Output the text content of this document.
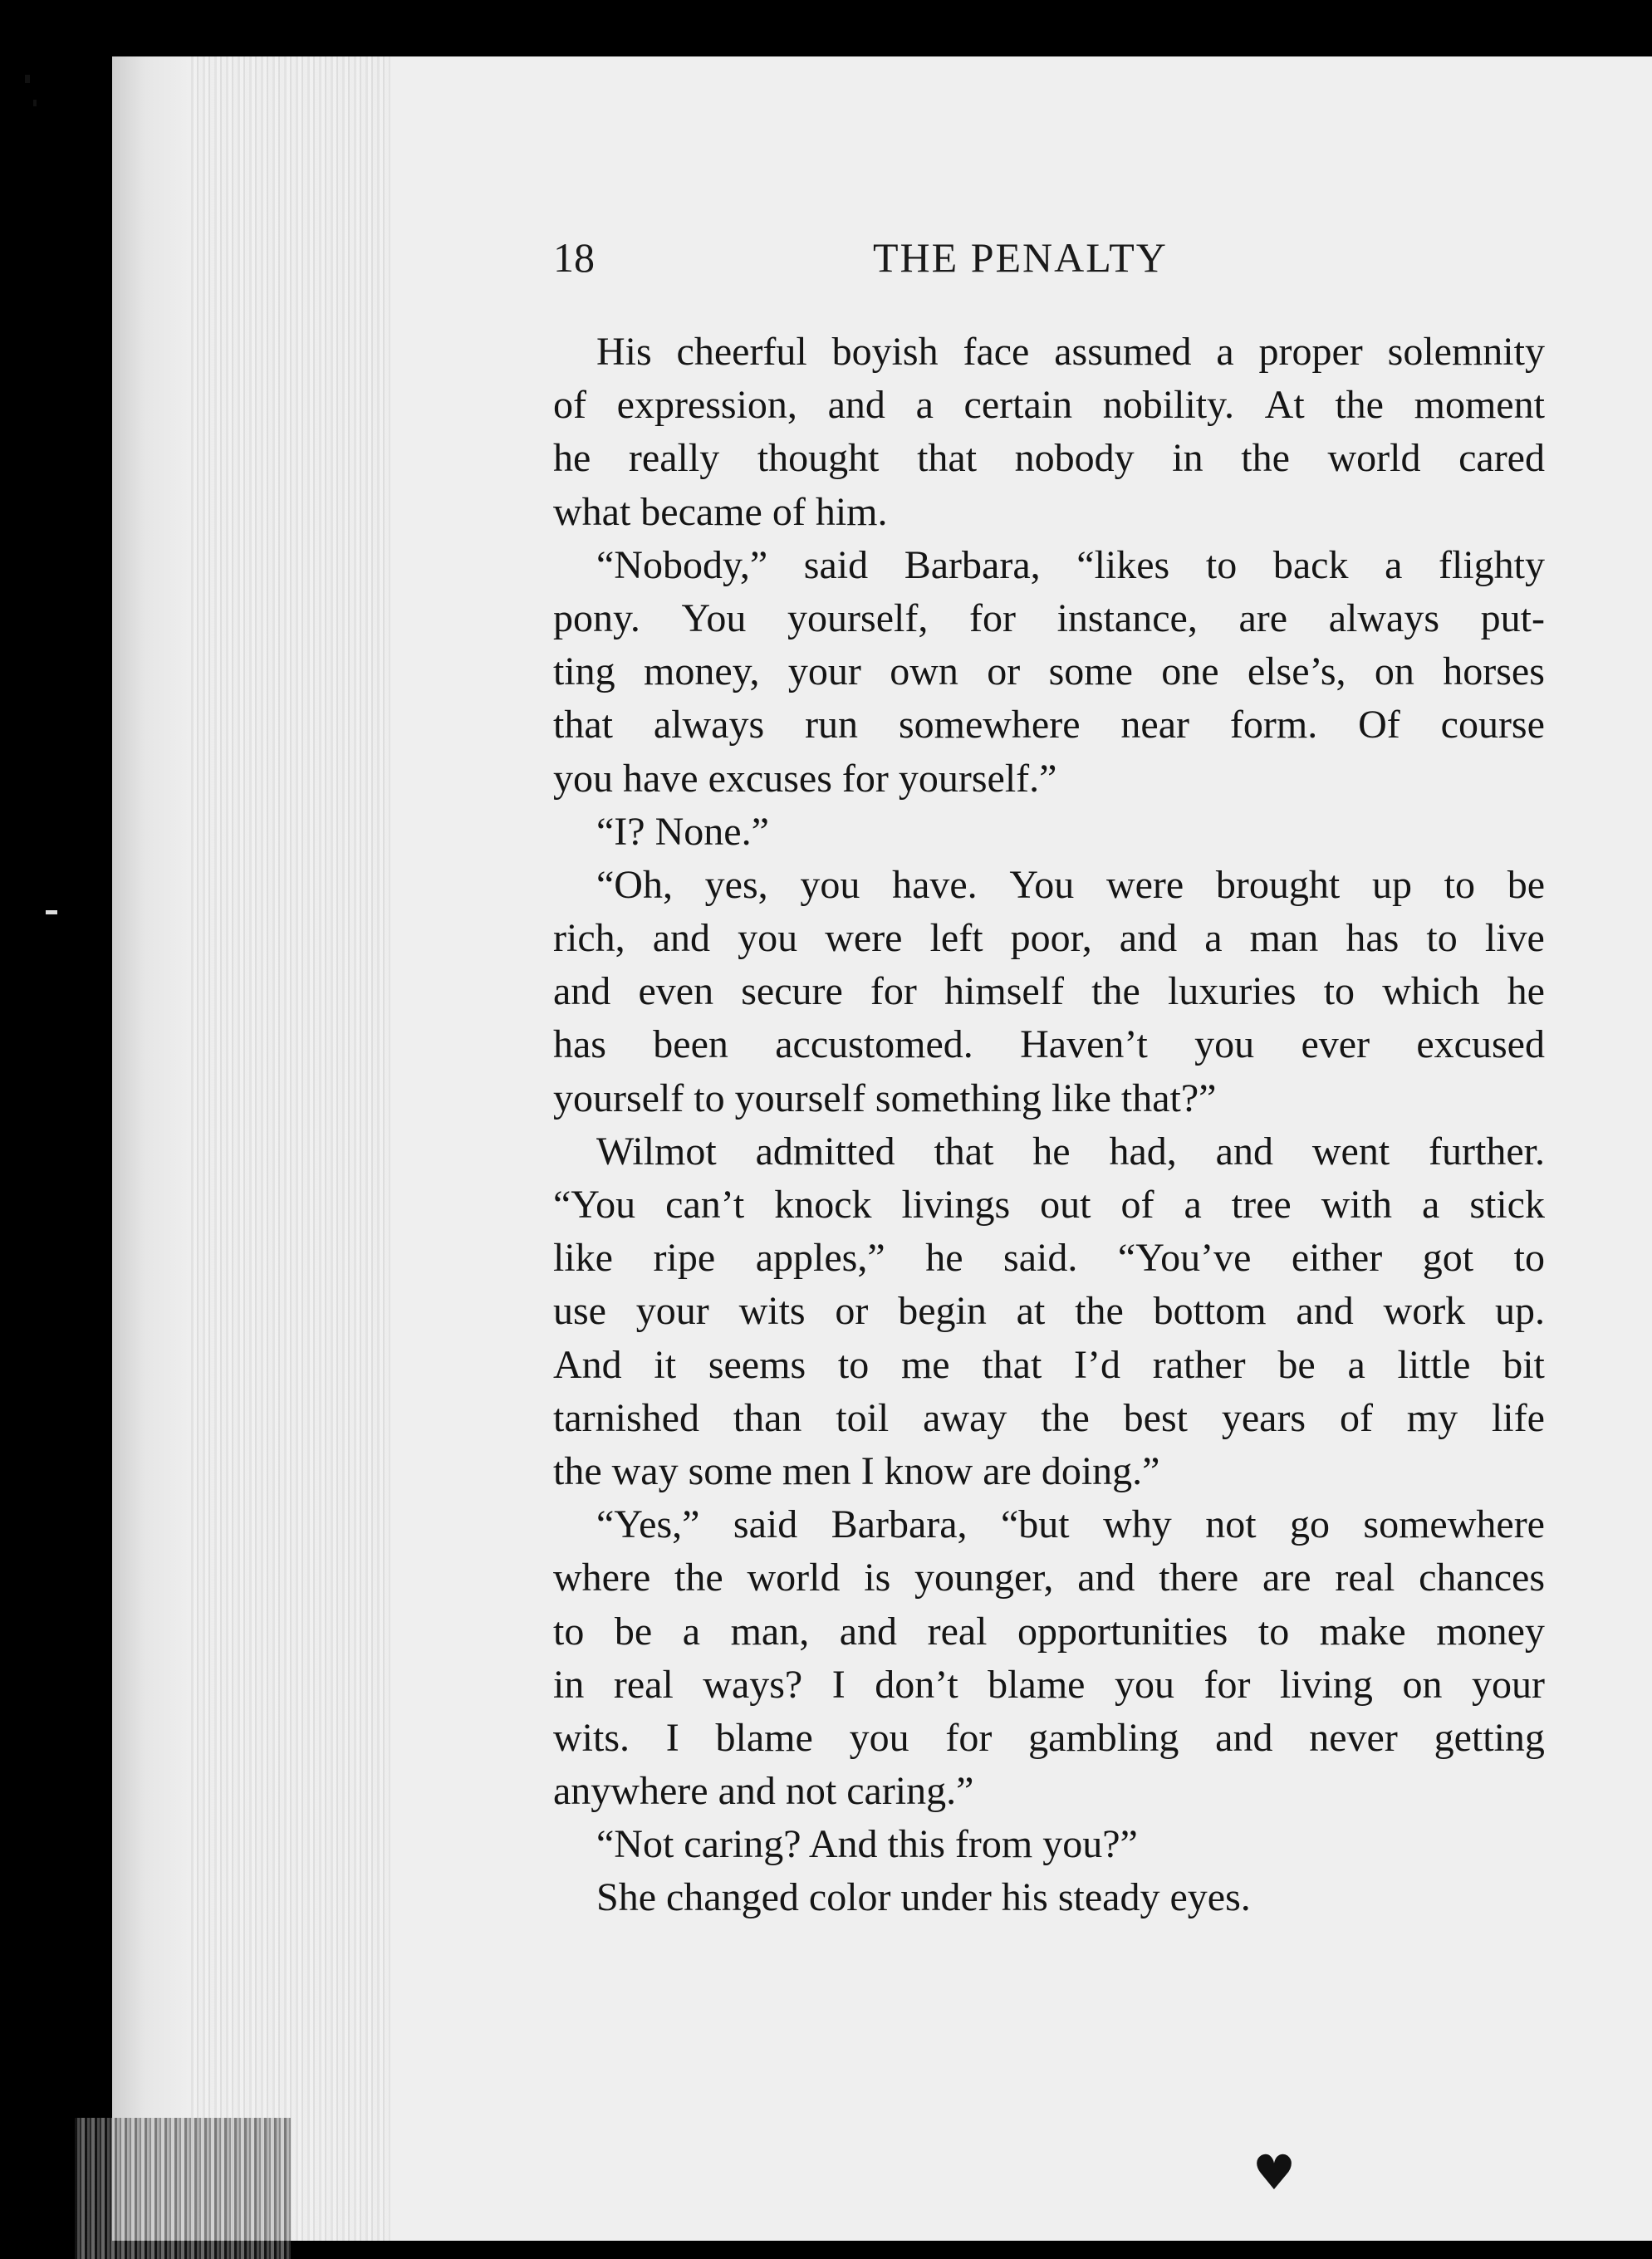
18	THE PENALTY
His cheerful boyish face assumed a proper solemnity
of expression, and a certain nobility. At the moment
he really thought that nobody in the world cared
what became of him.
“Nobody,” said Barbara, “likes to back a flighty
pony. You yourself, for instance, are always put-
ting money, your own or some one else’s, on horses
that always run somewhere near form. Of course
you have excuses for yourself.”
“I? None.”
“Oh, yes, you have. You were brought up to be
rich, and you were left poor, and a man has to live
and even secure for himself the luxuries to which he
has been accustomed. Haven’t you ever excused
yourself to yourself something like that?”
Wilmot admitted that he had, and went further.
“You can’t knock livings out of a tree with a stick
like ripe apples,” he said. “You’ve either got to
use your wits or begin at the bottom and work up.
And it seems to me that I’d rather be a little bit
tarnished than toil away the best years of my life
the way some men I know are doing.”
“Yes,” said Barbara, “but why not go somewhere
where the world is younger, and there are real chances
to be a man, and real opportunities to make money
in real ways? I don’t blame you for living on your
wits. I blame you for gambling and never getting
anywhere and not caring.”
“Not caring? And this from you?”
She changed color under his steady eyes.
♥
